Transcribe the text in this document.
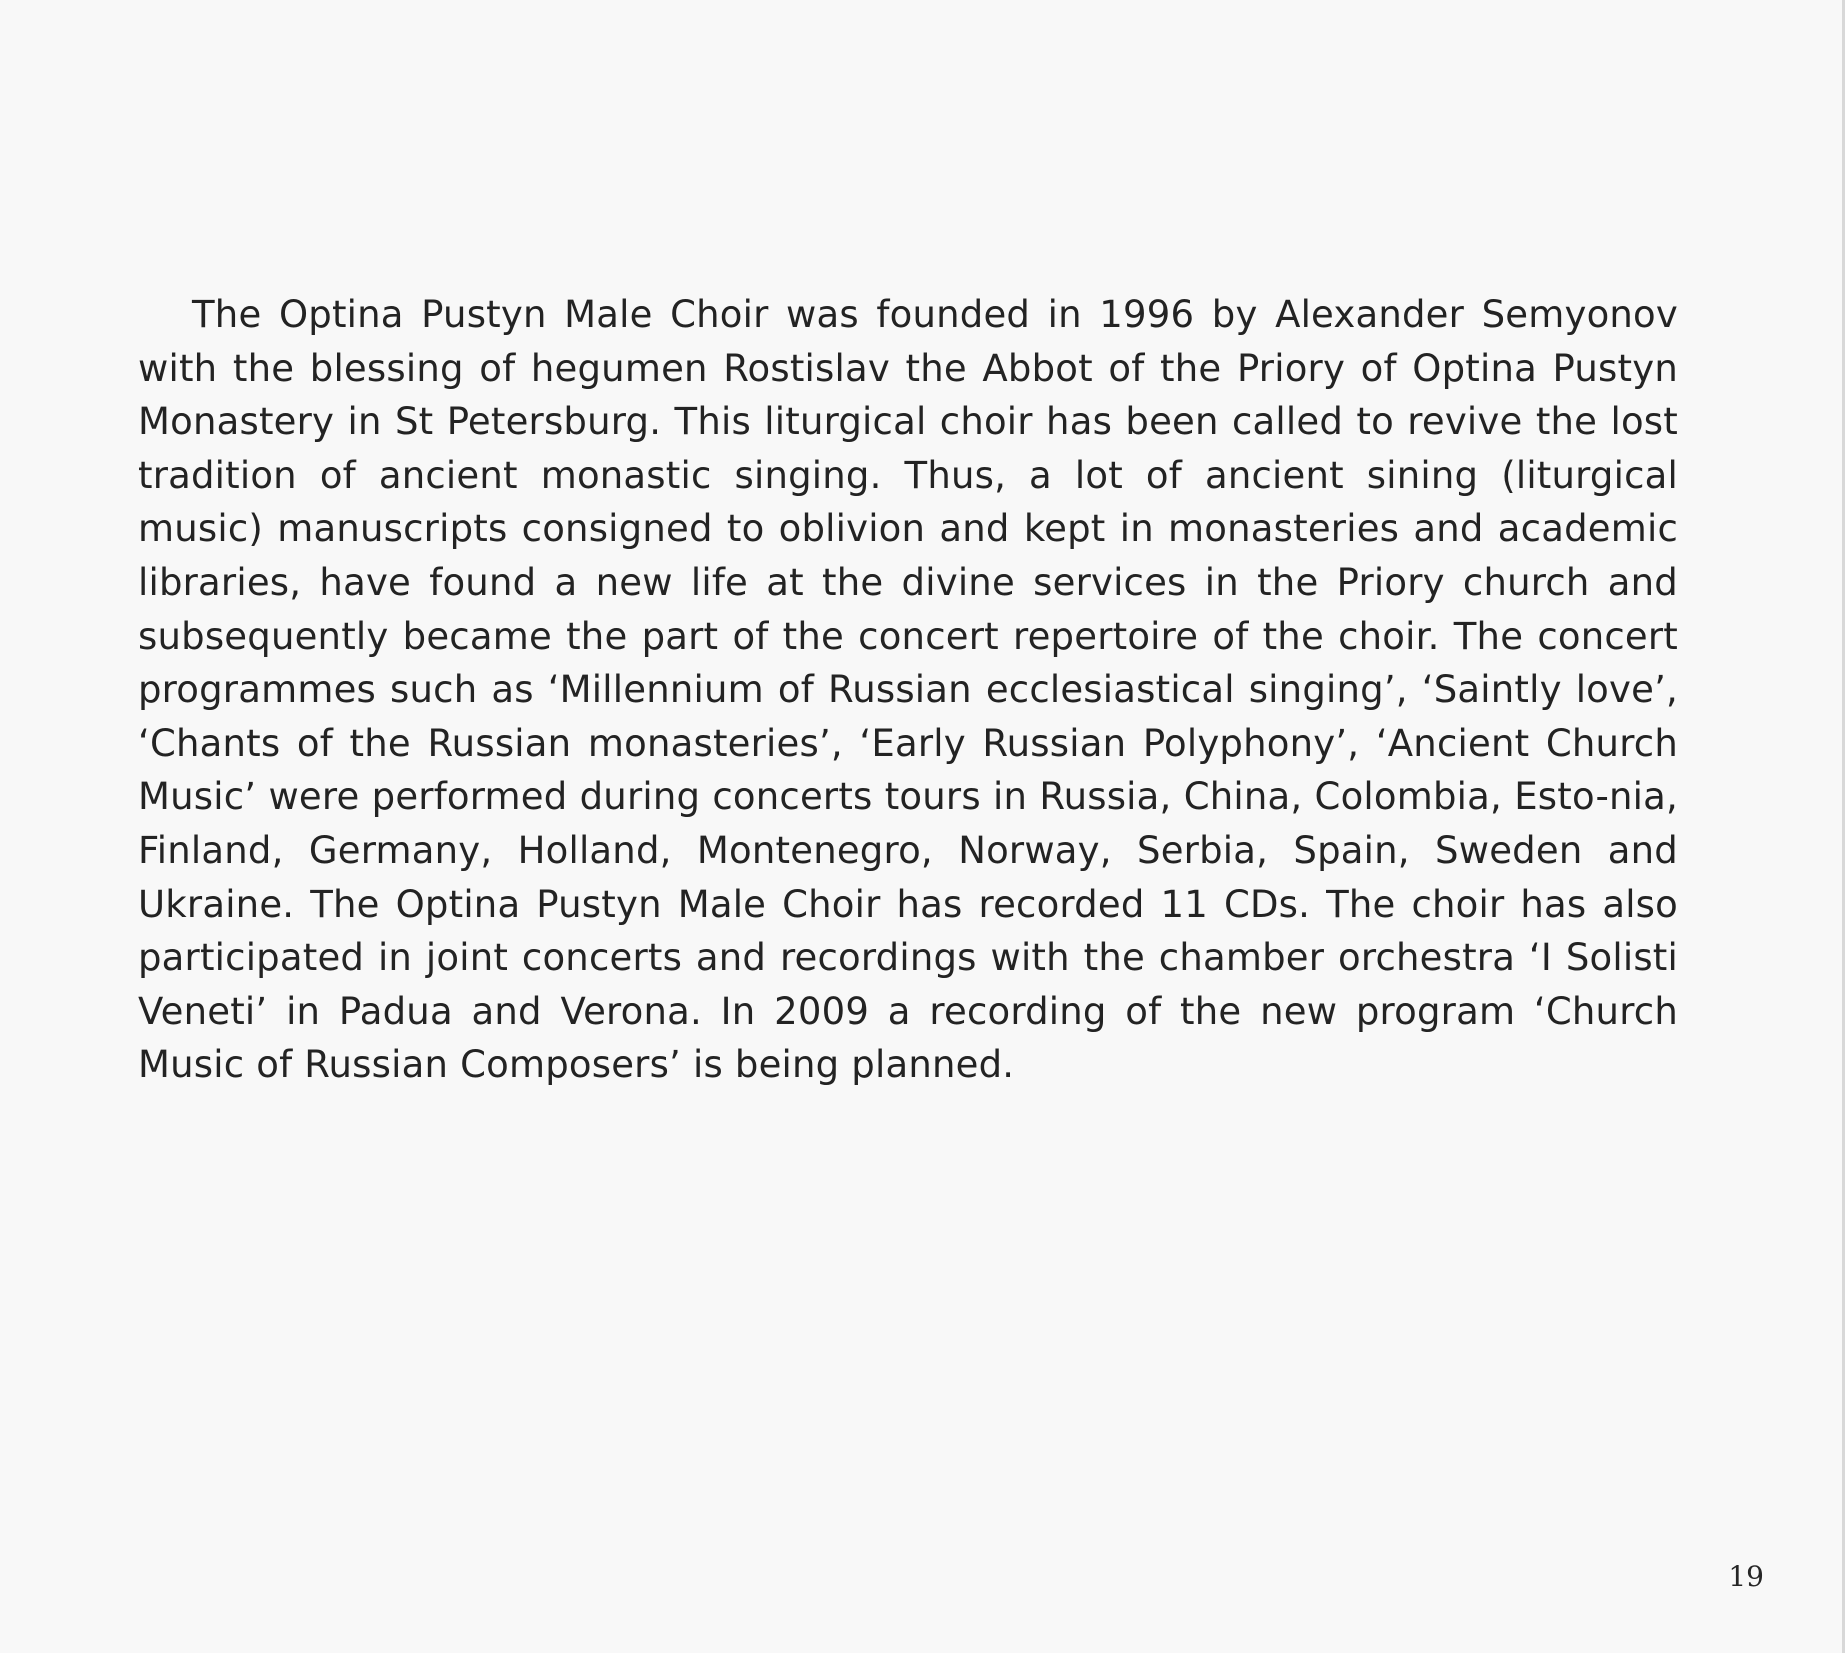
The Optina Pustyn Male Choir was founded in 1996 by Alexander Semyonov with the blessing of hegumen Rostislav the Abbot of the Priory of Optina Pustyn Monastery in St Petersburg. This liturgical choir has been called to revive the lost tradition of ancient monastic singing. Thus, a lot of ancient sining (liturgical music) manuscripts consigned to oblivion and kept in monasteries and academic libraries, have found a new life at the divine services in the Priory church and subsequently became the part of the concert repertoire of the choir. The concert programmes such as ‘Millennium of Russian ecclesiastical singing’, ‘Saintly love’, ‘Chants of the Russian monasteries’, ‘Early Russian Polyphony’, ‘Ancient Church Music’ were performed during concerts tours in Russia, China, Colombia, Esto-nia, Finland, Germany, Holland, Montenegro, Norway, Serbia, Spain, Sweden and Ukraine. The Optina Pustyn Male Choir has recorded 11 CDs. The choir has also participated in joint concerts and recordings with the chamber orchestra ‘I Solisti Veneti’ in Padua and Verona. In 2009 a recording of the new program ‘Church Music of Russian Composers’ is being planned.

19
